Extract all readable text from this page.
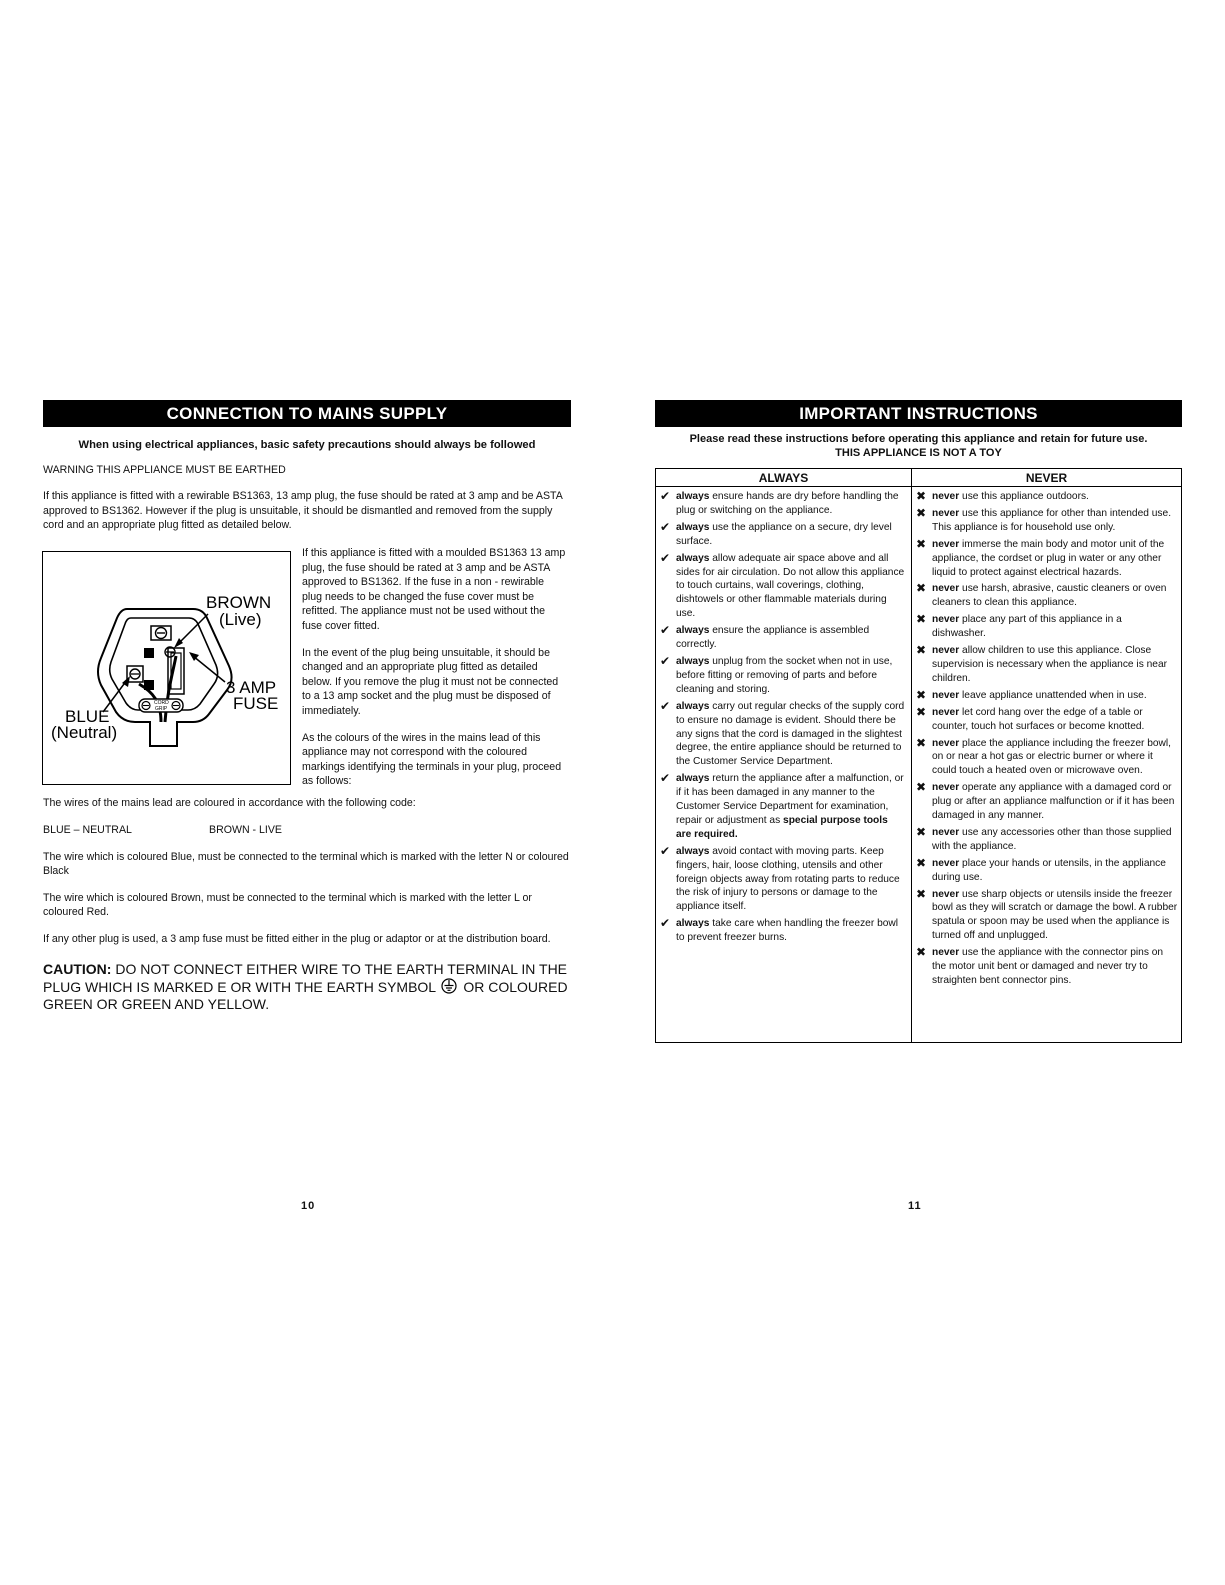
CONNECTION TO MAINS SUPPLY

When using electrical appliances, basic safety precautions should always be followed

WARNING THIS APPLIANCE MUST BE EARTHED

If this appliance is fitted with a rewirable BS1363, 13 amp plug, the fuse should be rated at 3 amp and be ASTA approved to BS1362. However if the plug is unsuitable, it should be dismantled and removed from the supply cord and an appropriate plug fitted as detailed below.

CORD
GRIP
BROWN
(Live)
3 AMP
FUSE
BLUE
(Neutral)

If this appliance is fitted with a moulded BS1363 13 amp plug, the fuse should be rated at 3 amp and be ASTA approved to BS1362. If the fuse in a non - rewirable plug needs to be changed the fuse cover must be refitted. The appliance must not be used without the fuse cover fitted.

In the event of the plug being unsuitable, it should be changed and an appropriate plug fitted as detailed below. If you remove the plug it must not be connected to a 13 amp socket and the plug must be disposed of immediately.

As the colours of the wires in the mains lead of this appliance may not correspond with the coloured markings identifying the terminals in your plug, proceed as follows:

The wires of the mains lead are coloured in accordance with the following code:

BLUE – NEUTRAL	BROWN - LIVE

The wire which is coloured Blue, must be connected to the terminal which is marked with the letter N or coloured Black

The wire which is coloured Brown, must be connected to the terminal which is marked with the letter L or coloured Red.

If any other plug is used, a 3 amp fuse must be fitted either in the plug or adaptor or at the distribution board.

CAUTION: DO NOT CONNECT EITHER WIRE TO THE EARTH TERMINAL IN THE PLUG WHICH IS MARKED E OR WITH THE EARTH SYMBOL OR COLOURED GREEN OR GREEN AND YELLOW.

10
IMPORTANT INSTRUCTIONS
Please read these instructions before operating this appliance and retain for future use.
THIS APPLIANCE IS NOT A TOY
ALWAYS	NEVER
✔ always ensure hands are dry before handling the plug or switching on the appliance.
✔ always use the appliance on a secure, dry level surface.
✔ always allow adequate air space above and all sides for air circulation. Do not allow this appliance to touch curtains, wall coverings, clothing, dishtowels or other flammable materials during use.
✔ always ensure the appliance is assembled correctly.
✔ always unplug from the socket when not in use, before fitting or removing of parts and before cleaning and storing.
✔ always carry out regular checks of the supply cord to ensure no damage is evident. Should there be any signs that the cord is damaged in the slightest degree, the entire appliance should be returned to the Customer Service Department.
✔ always return the appliance after a malfunction, or if it has been damaged in any manner to the Customer Service Department for examination, repair or adjustment as special purpose tools are required.
✔ always avoid contact with moving parts. Keep fingers, hair, loose clothing, utensils and other foreign objects away from rotating parts to reduce the risk of injury to persons or damage to the appliance itself.
✔ always take care when handling the freezer bowl to prevent freezer burns.
✖ never use this appliance outdoors.
✖ never use this appliance for other than intended use. This appliance is for household use only.
✖ never immerse the main body and motor unit of the appliance, the cordset or plug in water or any other liquid to protect against electrical hazards.
✖ never use harsh, abrasive, caustic cleaners or oven cleaners to clean this appliance.
✖ never place any part of this appliance in a dishwasher.
✖ never allow children to use this appliance. Close supervision is necessary when the appliance is near children.
✖ never leave appliance unattended when in use.
✖ never let cord hang over the edge of a table or counter, touch hot surfaces or become knotted.
✖ never place the appliance including the freezer bowl, on or near a hot gas or electric burner or where it could touch a heated oven or microwave oven.
✖ never operate any appliance with a damaged cord or plug or after an appliance malfunction or if it has been damaged in any manner.
✖ never use any accessories other than those supplied with the appliance.
✖ never place your hands or utensils, in the appliance during use.
✖ never use sharp objects or utensils inside the freezer bowl as they will scratch or damage the bowl. A rubber spatula or spoon may be used when the appliance is turned off and unplugged.
✖ never use the appliance with the connector pins on the motor unit bent or damaged and never try to straighten bent connector pins.
11
